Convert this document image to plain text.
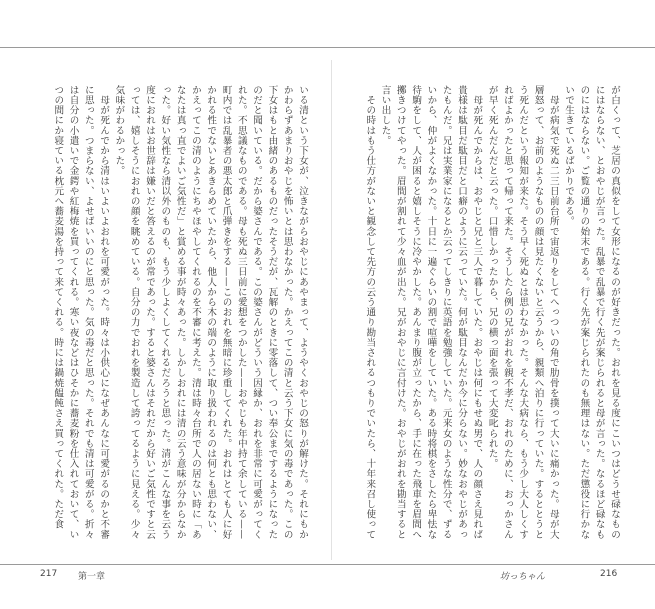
が白くって、芝居の真似をして女形になるのが好きだった。おれを見る度にこいつはどうせ碌なものにはならない、とおやじが言った。乱暴で乱暴で行く先が案じられると母が言った。なるほど碌なものにはならない。ご覧の通りの始末である。行く先が案じられたのも無理はない。ただ懲役に行かないで生きているばかりである。
　母が病気で死ぬ二三日前台所で宙返りをしてへっついの角で肋骨を撲って大いに痛かった。母が大層怒って、お前のようなものの顔は見たくないと云うから、親類へ泊りに行っていた。するととうとう死んだという報知が来た。そう早く死ぬとは思わなかった。そんな大病なら、もう少し大人しくすればよかったと思って帰って来た。そうしたら例の兄がおれを親不孝だ、おれのために、おっかさんが早く死んだんだと云った。口惜しかったから、兄の横っ面を張って大変叱られた。
　母が死んでからは、おやじと兄と三人で暮していた。おやじは何にもせぬ男で、人の顔さえ見れば貴様は駄目だ駄目だと口癖のように云っていた。何が駄目なんだか今に分らない。妙なおやじがあったもんだ。兄は実業家になるとか云ってしきりに英語を勉強していた。元来女のような性分で、ずるいから、仲がよくなかった。十日に一遍ぐらいの割で喧嘩をしていた。ある時将棋をさしたら卑怯な待駒をして、人が困ると嬉しそうに冷やかした。あんまり腹が立ったから、手に在った飛車を眉間へ擲きつけてやった。眉間が割れて少々血が出た。兄がおやじに言付けた。おやじがおれを勘当すると言い出した。
　その時はもう仕方がないと観念して先方の云う通り勘当されるつもりでいたら、十年来召し使って
いる清という下女が、泣きながらおやじにあやまって、ようやくおやじの怒りが解けた。それにもかかわらずあまりおやじを怖いとは思わなかった。かえってこの清と云う下女に気の毒であった。この下女はもと由緒のあるものだったそうだが、瓦解のときに零落して、つい奉公までするようになったのだと聞いている。だから婆さんである。この婆さんがどういう因縁か、おれを非常に可愛がってくれた。不思議なものである。母も死ぬ三日前に愛想をつかした——おやじも年中持て余している——町内では乱暴者の悪太郎と爪弾きをする——このおれを無暗に珍重してくれた。おれはとても人に好かれる性でないとあきらめていたから、他人から木の端のように取り扱われるのは何とも思わない、かえってこの清のようにちやほやしてくれるのを不審に考えた。清は時々台所で人の居ない時に「あなたは真っ直でよいご気性だ」と賞める事が時々あった。しかしおれには清の云う意味が分からなかった。好い気性なら清以外のものも、もう少しよくしてくれるだろうと思った。清がこんな事を云う度におれはお世辞は嫌いだと答えるのが常であった。すると婆さんはそれだから好いご気性ですと云っては、嬉しそうにおれの顔を眺めている。自分の力でおれを製造して誇ってるように見える。少々気味がわるかった。
　母が死んでから清はいよいよおれを可愛がった。時々は小供心になぜあんなに可愛がるのかと不審に思った。つまらない、よせばいいのにと思った。気の毒だと思った。それでも清は可愛がる。折々は自分の小遣いで金鍔や紅梅焼を買ってくれる。寒い夜などはひそかに蕎麦粉を仕入れておいて、いつの間にか寝ている枕元へ蕎麦湯を持って来てくれる。時には鍋焼饂飩さえ買ってくれた。ただ食
217 第一章	坊っちゃん	216
